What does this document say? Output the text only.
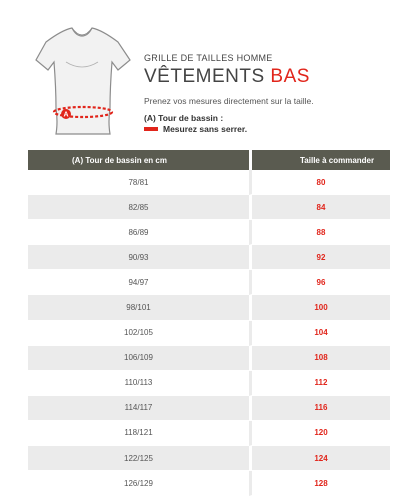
A
GRILLE DE TAILLES HOMME
VÊTEMENTS BAS
Prenez vos mesures directement sur la taille.
(A) Tour de bassin :
Mesurez sans serrer.
(A) Tour de bassin en cm	Taille à commander
78/81	80
82/85	84
86/89	88
90/93	92
94/97	96
98/101	100
102/105	104
106/109	108
110/113	112
114/117	116
118/121	120
122/125	124
126/129	128
